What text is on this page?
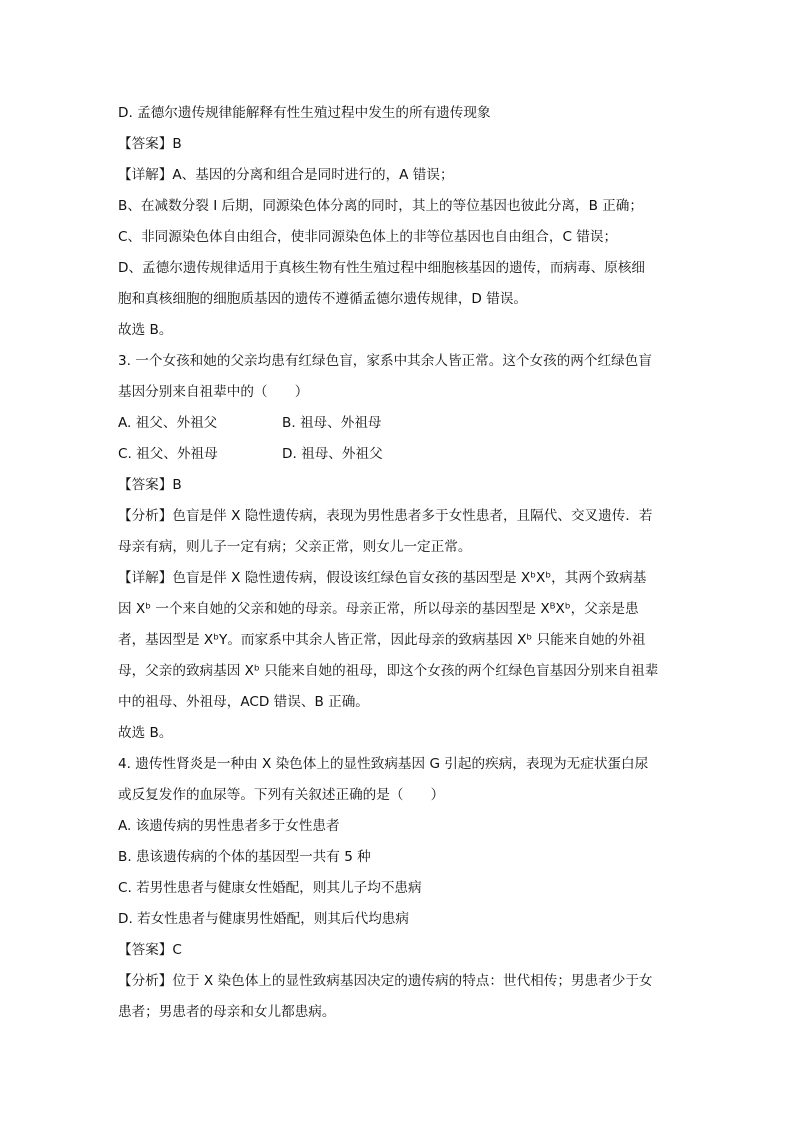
D. 孟德尔遗传规律能解释有性生殖过程中发生的所有遗传现象
【答案】B
【详解】A、基因的分离和组合是同时进行的，A 错误；
B、在减数分裂 I 后期，同源染色体分离的同时，其上的等位基因也彼此分离，B 正确；
C、非同源染色体自由组合，使非同源染色体上的非等位基因也自由组合，C 错误；
D、孟德尔遗传规律适用于真核生物有性生殖过程中细胞核基因的遗传，而病毒、原核细
胞和真核细胞的细胞质基因的遗传不遵循孟德尔遗传规律，D 错误。
故选 B。
3. 一个女孩和她的父亲均患有红绿色盲，家系中其余人皆正常。这个女孩的两个红绿色盲
基因分别来自祖辈中的（　　）
A. 祖父、外祖父	B. 祖母、外祖母
C. 祖父、外祖母	D. 祖母、外祖父
【答案】B
【分析】色盲是伴 X 隐性遗传病，表现为男性患者多于女性患者，且隔代、交叉遗传．若
母亲有病，则儿子一定有病；父亲正常，则女儿一定正常。
【详解】色盲是伴 X 隐性遗传病，假设该红绿色盲女孩的基因型是 XᵇXᵇ，其两个致病基
因 Xᵇ 一个来自她的父亲和她的母亲。母亲正常，所以母亲的基因型是 XᴮXᵇ，父亲是患
者，基因型是 XᵇY。而家系中其余人皆正常，因此母亲的致病基因 Xᵇ 只能来自她的外祖
母，父亲的致病基因 Xᵇ 只能来自她的祖母，即这个女孩的两个红绿色盲基因分别来自祖辈
中的祖母、外祖母，ACD 错误、B 正确。
故选 B。
4. 遗传性肾炎是一种由 X 染色体上的显性致病基因 G 引起的疾病，表现为无症状蛋白尿
或反复发作的血尿等。下列有关叙述正确的是（　　）
A. 该遗传病的男性患者多于女性患者
B. 患该遗传病的个体的基因型一共有 5 种
C. 若男性患者与健康女性婚配，则其儿子均不患病
D. 若女性患者与健康男性婚配，则其后代均患病
【答案】C
【分析】位于 X 染色体上的显性致病基因决定的遗传病的特点：世代相传；男患者少于女
患者；男患者的母亲和女儿都患病。
